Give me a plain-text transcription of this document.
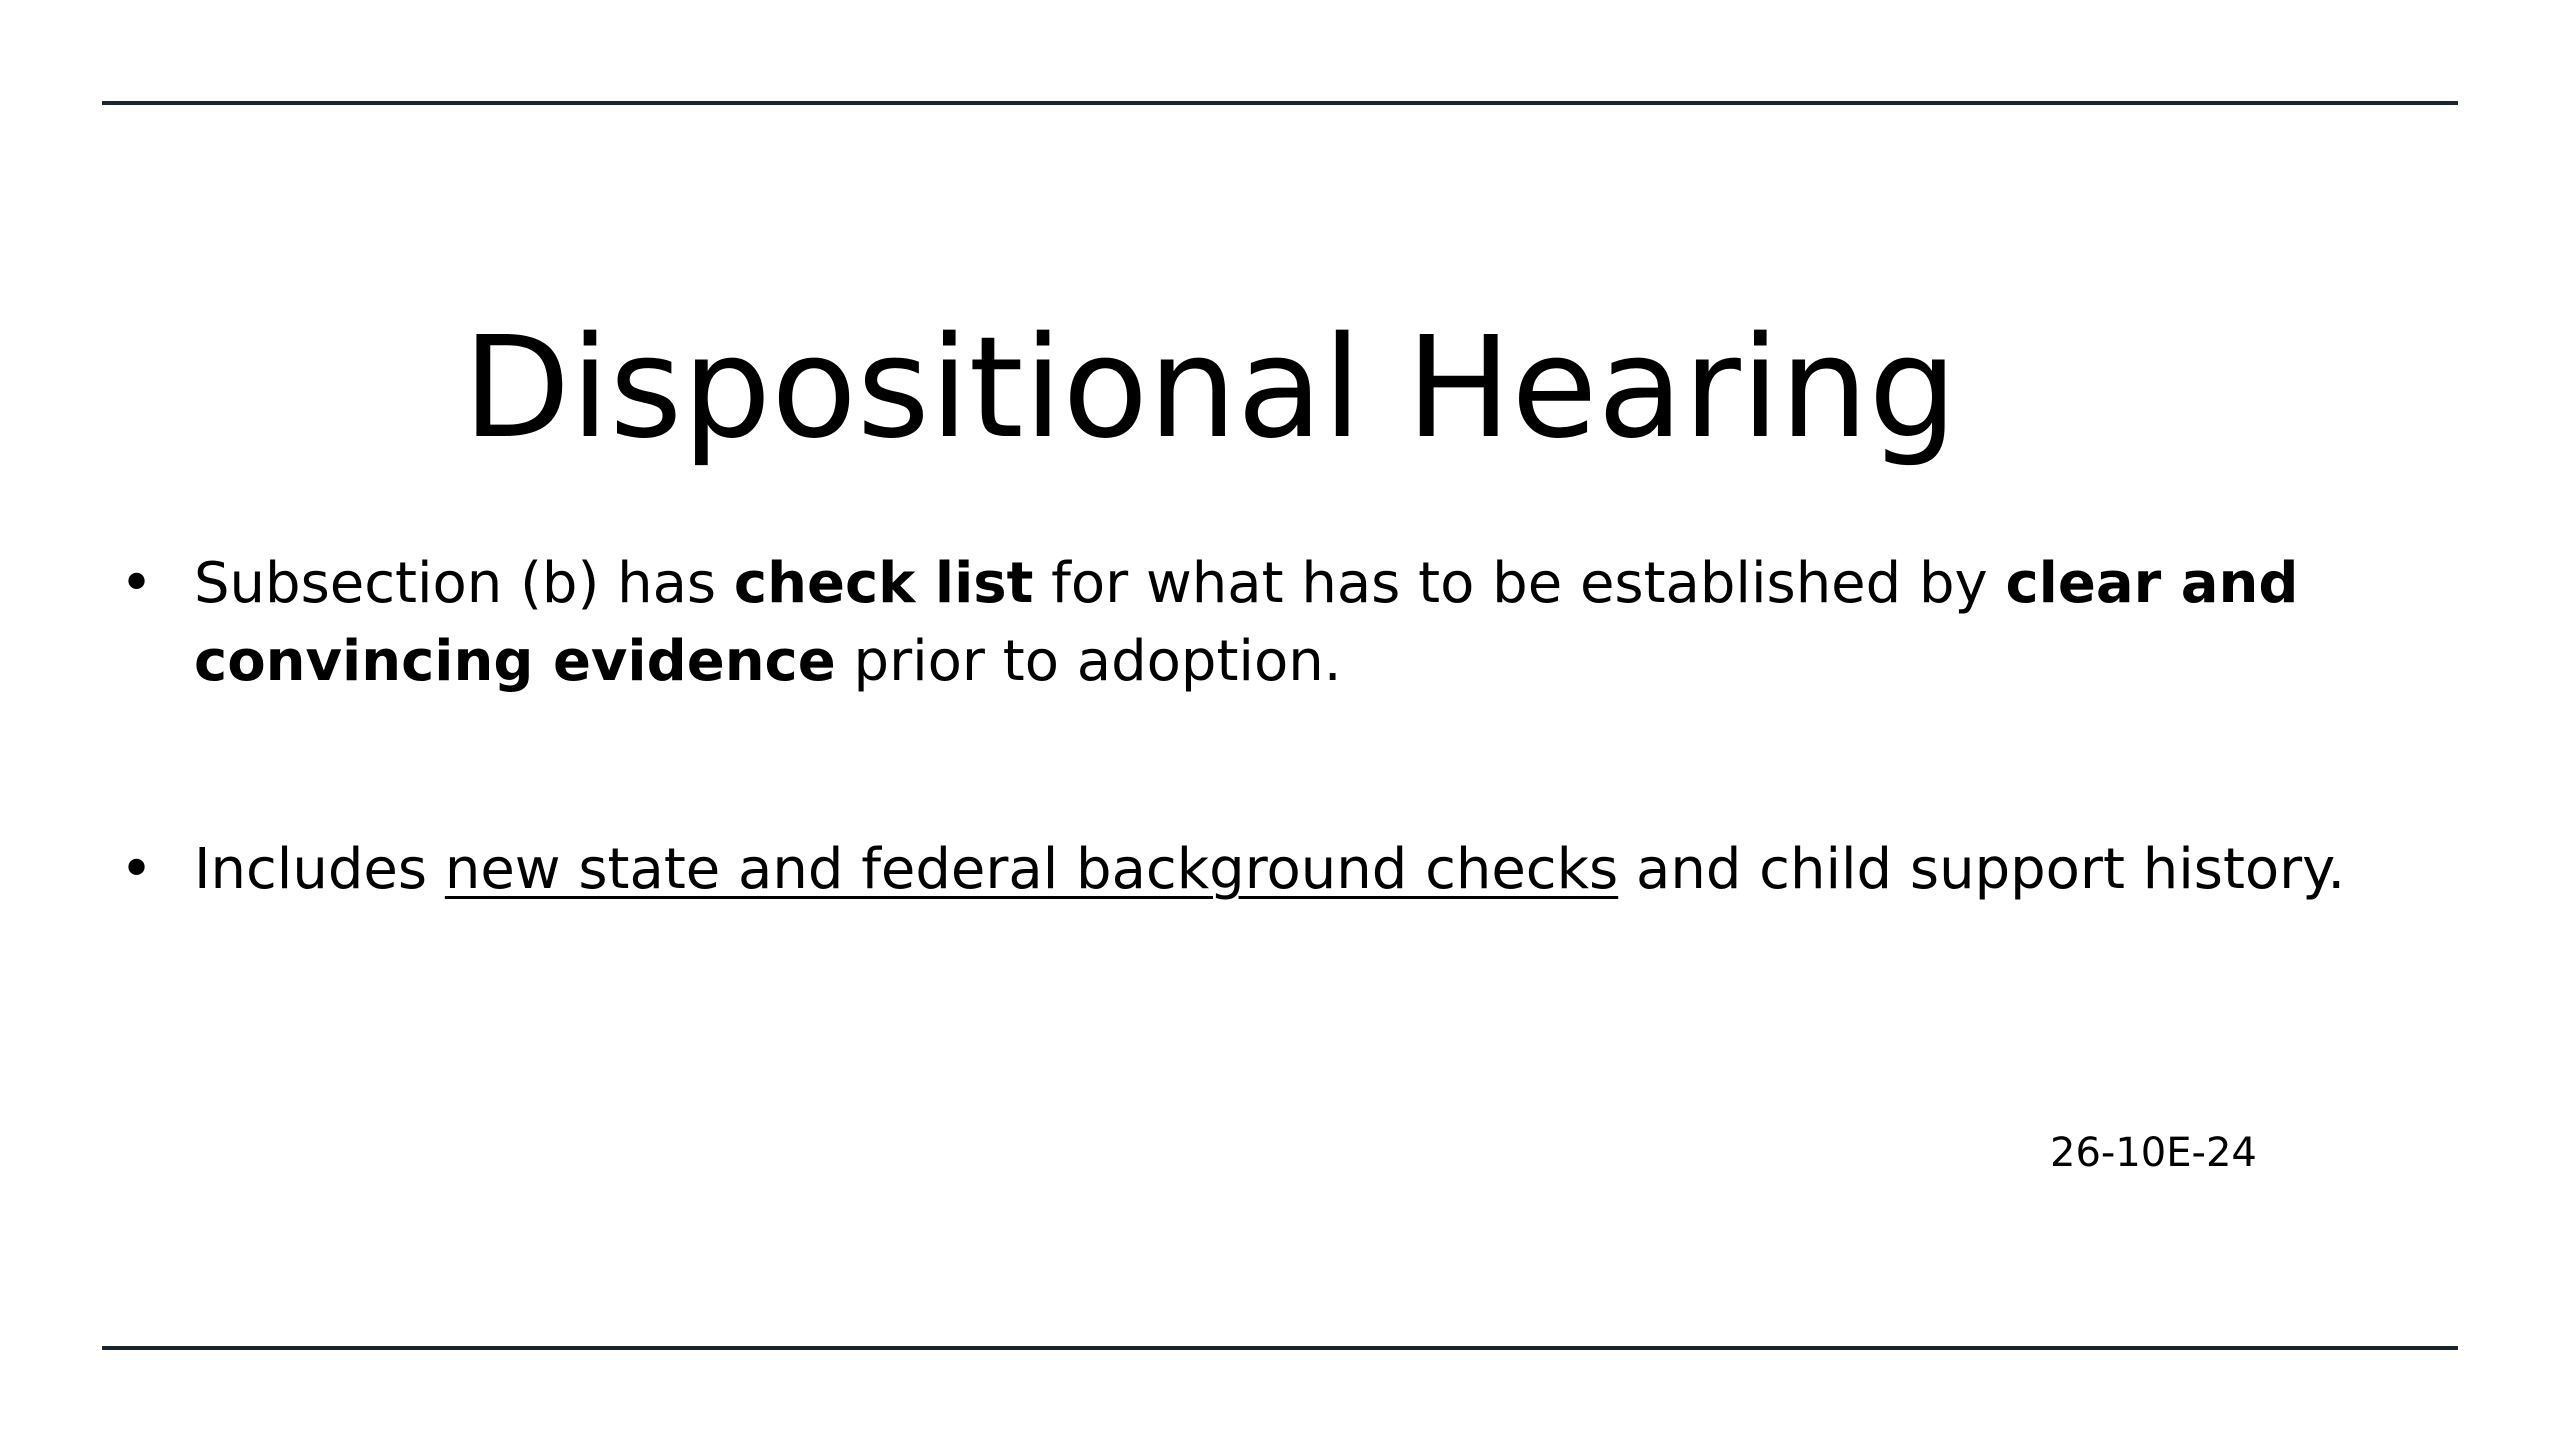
Dispositional Hearing
• Subsection (b) has check list for what has to be established by clear and convincing evidence prior to adoption.
• Includes new state and federal background checks and child support history.
26-10E-24
